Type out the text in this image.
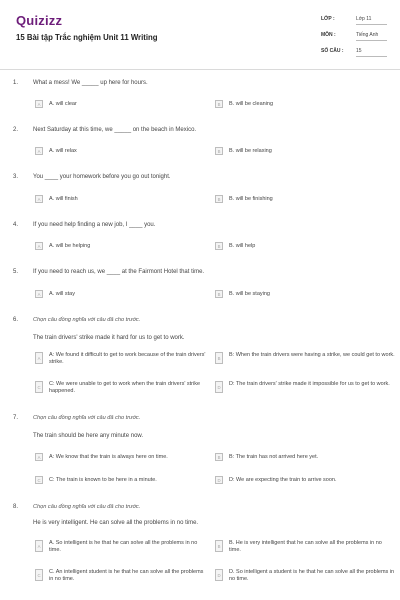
Quizizz
15 Bài tập Trắc nghiệm Unit 11 Writing
LỚP :	Lớp 11
MÔN :	Tiếng Anh
SỐ CÂU :	15
1. What a mess! We _____ up here for hours.
A	A. will clear	B	B. will be cleaning
2. Next Saturday at this time, we _____ on the beach in Mexico.
A	A. will relax	B	B. will be relaxing
3. You ____ your homework before you go out tonight.
A	A. will finish	B	B. will be finishing
4. If you need help finding a new job, I ____ you.
A	A. will be helping	B	B. will help
5. If you need to reach us, we ____ at the Fairmont Hotel that time.
A	A. will stay	B	B. will be staying
6.	Chọn câu đồng nghĩa với câu đã cho trước.
The train drivers' strike made it hard for us to get to work.
A	A: We found it difficult to get to work because of the train drivers' strike.
B	B: When the train drivers were having a strike, we could get to work.
C	C: We were unable to get to work when the train drivers' strike happened.
D	D: The train drivers' strike made it impossible for us to get to work.
7.	Chọn câu đồng nghĩa với câu đã cho trước.
The train should be here any minute now.
A	A: We know that the train is always here on time.	B	B: The train has not arrived here yet.
C	C: The train is known to be here in a minute.	D	D: We are expecting the train to arrive soon.
8.	Chọn câu đồng nghĩa với câu đã cho trước.
He is very intelligent. He can solve all the problems in no time.
A	A. So intelligent is he that he can solve all the problems in no time.
B	B. He is very intelligent that he can solve all the problems in no time.
C	C. An intelligent student is he that he can solve all the problems in no time.
D	D. So intelligent a student is he that he can solve all the problems in no time.
